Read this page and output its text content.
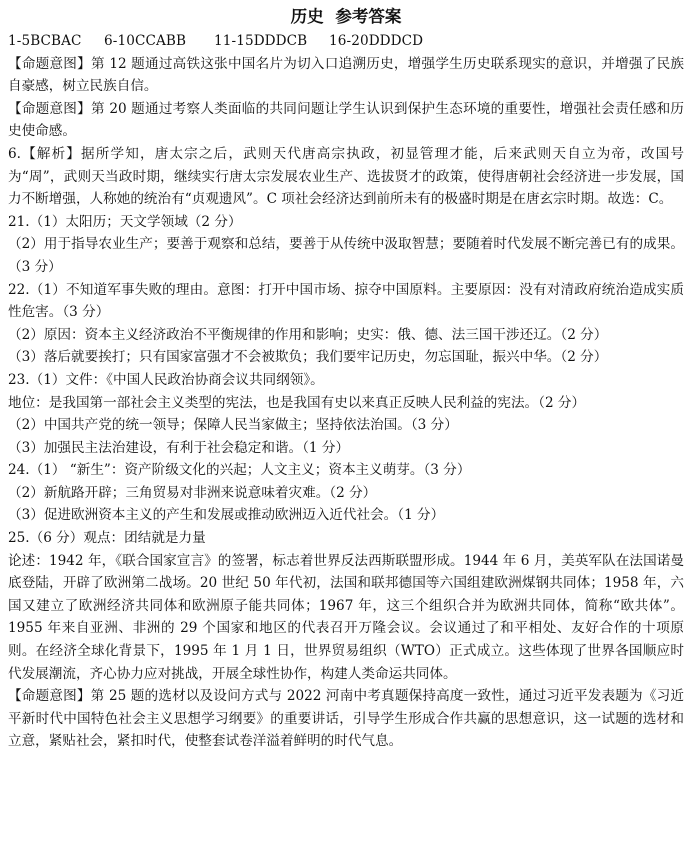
历史 参考答案

1-5BCBAC 6-10CCABB 11-15DDDCB 16-20DDDCD

【命题意图】第 12 题通过高铁这张中国名片为切入口追溯历史，增强学生历史联系现实的意识，并增强了民族自豪感，树立民族自信。

【命题意图】第 20 题通过考察人类面临的共同问题让学生认识到保护生态环境的重要性，增强社会责任感和历史使命感。

6.【解析】据所学知，唐太宗之后，武则天代唐高宗执政，初显管理才能，后来武则天自立为帝，改国号为“周”，武则天当政时期，继续实行唐太宗发展农业生产、选拔贤才的政策，使得唐朝社会经济进一步发展，国力不断增强，人称她的统治有“贞观遗风”。C 项社会经济达到前所未有的极盛时期是在唐玄宗时期。故选：C。

21.（1）太阳历；天文学领域（2 分）

（2）用于指导农业生产；要善于观察和总结，要善于从传统中汲取智慧；要随着时代发展不断完善已有的成果。（3 分）

22.（1）不知道军事失败的理由。意图：打开中国市场、掠夺中国原料。主要原因：没有对清政府统治造成实质性危害。（3 分）

（2）原因：资本主义经济政治不平衡规律的作用和影响；史实：俄、德、法三国干涉还辽。（2 分）

（3）落后就要挨打；只有国家富强才不会被欺负；我们要牢记历史，勿忘国耻，振兴中华。（2 分）

23.（1）文件：《中国人民政治协商会议共同纲领》。

地位：是我国第一部社会主义类型的宪法，也是我国有史以来真正反映人民利益的宪法。（2 分）

（2）中国共产党的统一领导；保障人民当家做主；坚持依法治国。（3 分）

（3）加强民主法治建设，有利于社会稳定和谐。（1 分）

24.（1） “新生”：资产阶级文化的兴起；人文主义；资本主义萌芽。（3 分）

（2）新航路开辟；三角贸易对非洲来说意味着灾难。（2 分）

（3）促进欧洲资本主义的产生和发展或推动欧洲迈入近代社会。（1 分）

25.（6 分）观点：团结就是力量

论述：1942 年，《联合国家宣言》的签署，标志着世界反法西斯联盟形成。1944 年 6 月，美英军队在法国诺曼底登陆，开辟了欧洲第二战场。20 世纪 50 年代初，法国和联邦德国等六国组建欧洲煤钢共同体；1958 年，六国又建立了欧洲经济共同体和欧洲原子能共同体；1967 年，这三个组织合并为欧洲共同体，简称“欧共体”。1955 年来自亚洲、非洲的 29 个国家和地区的代表召开万隆会议。会议通过了和平相处、友好合作的十项原则。在经济全球化背景下，1995 年 1 月 1 日，世界贸易组织（WTO）正式成立。这些体现了世界各国顺应时代发展潮流，齐心协力应对挑战，开展全球性协作，构建人类命运共同体。

【命题意图】第 25 题的选材以及设问方式与 2022 河南中考真题保持高度一致性，通过习近平发表题为《习近平新时代中国特色社会主义思想学习纲要》的重要讲话，引导学生形成合作共赢的思想意识，这一试题的选材和立意，紧贴社会，紧扣时代，使整套试卷洋溢着鲜明的时代气息。
